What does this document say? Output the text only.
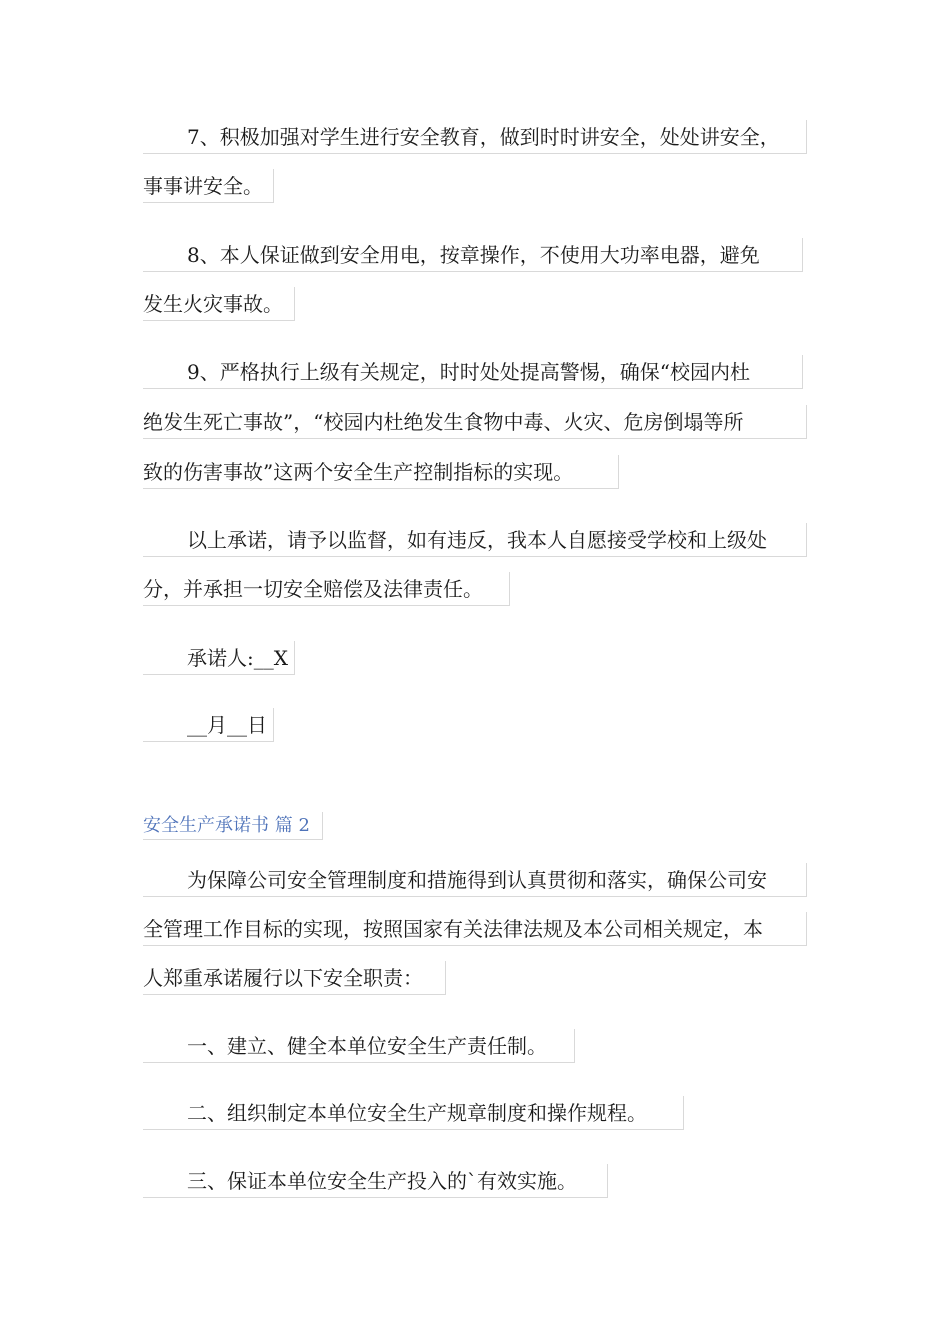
7、积极加强对学生进行安全教育，做到时时讲安全，处处讲安全，
事事讲安全。
8、本人保证做到安全用电，按章操作，不使用大功率电器，避免
发生火灾事故。
9、严格执行上级有关规定，时时处处提高警惕，确保“校园内杜
绝发生死亡事故”，“校园内杜绝发生食物中毒、火灾、危房倒塌等所
致的伤害事故”这两个安全生产控制指标的实现。
以上承诺，请予以监督，如有违反，我本人自愿接受学校和上级处
分，并承担一切安全赔偿及法律责任。
承诺人:__X
__月__日
安全生产承诺书 篇 2
为保障公司安全管理制度和措施得到认真贯彻和落实，确保公司安
全管理工作目标的实现，按照国家有关法律法规及本公司相关规定，本
人郑重承诺履行以下安全职责：
一、建立、健全本单位安全生产责任制。
二、组织制定本单位安全生产规章制度和操作规程。
三、保证本单位安全生产投入的`有效实施。
